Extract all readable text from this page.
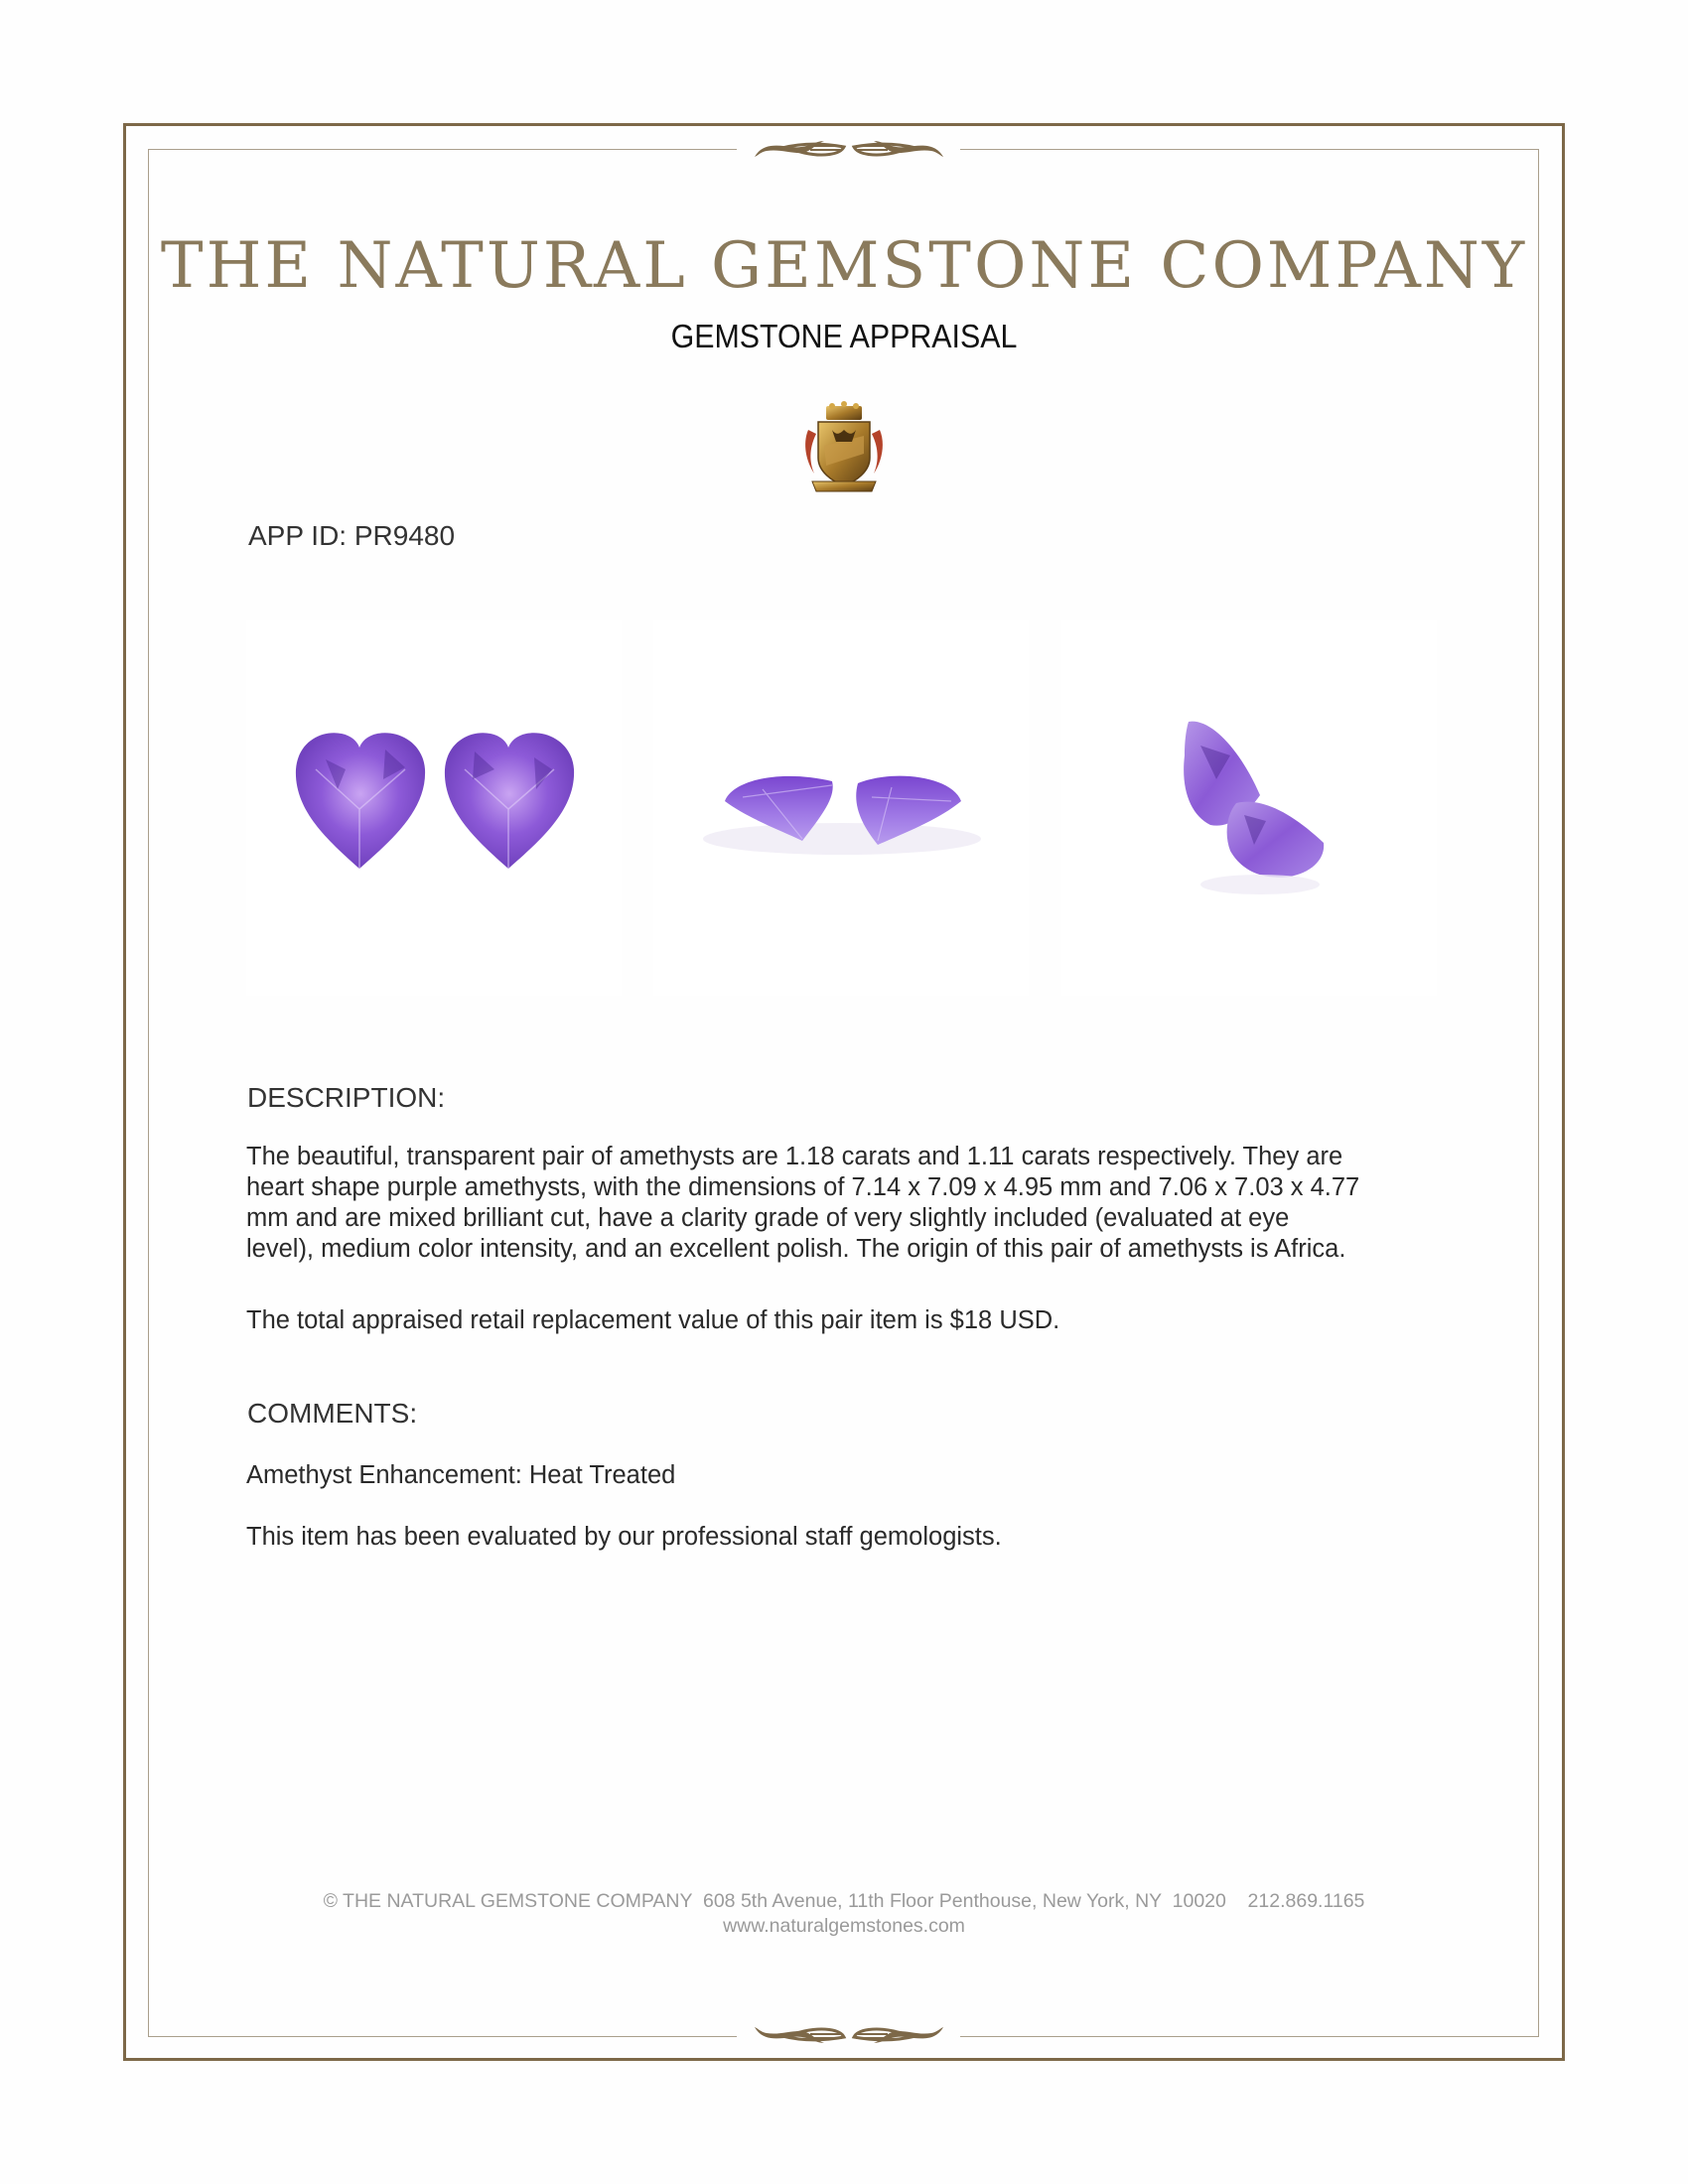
THE NATURAL GEMSTONE COMPANY
GEMSTONE APPRAISAL
APP ID: PR9480
DESCRIPTION:
The beautiful, transparent pair of amethysts are 1.18 carats and 1.11 carats respectively. They are
heart shape purple amethysts, with the dimensions of 7.14 x 7.09 x 4.95 mm and 7.06 x 7.03 x 4.77
mm and are mixed brilliant cut, have a clarity grade of very slightly included (evaluated at eye
level), medium color intensity, and an excellent polish. The origin of this pair of amethysts is Africa.
The total appraised retail replacement value of this pair item is $18 USD.
COMMENTS:
Amethyst Enhancement: Heat Treated
This item has been evaluated by our professional staff gemologists.
© THE NATURAL GEMSTONE COMPANY  608 5th Avenue, 11th Floor Penthouse, New York, NY  10020    212.869.1165
www.naturalgemstones.com
